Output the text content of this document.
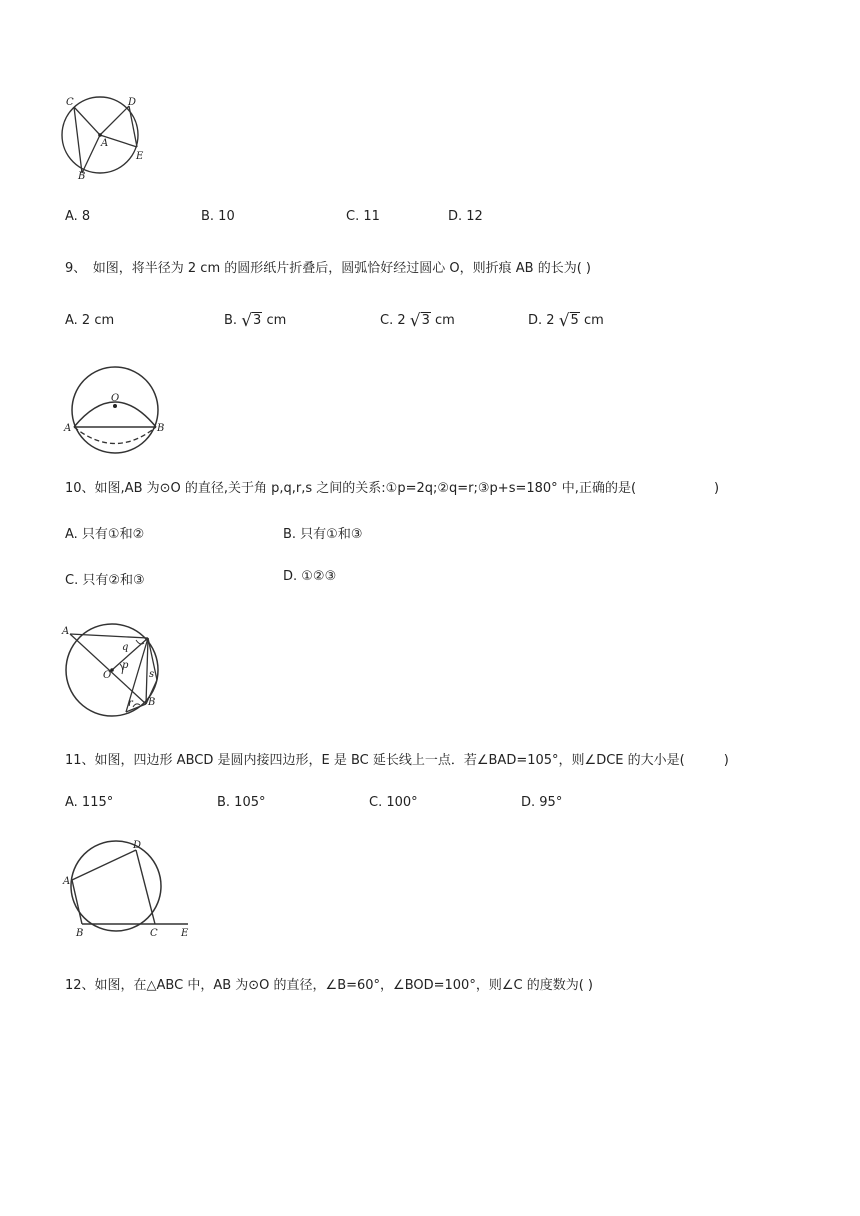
C	D
A
E
B
A. 8	B. 10	C. 11	D. 12
9、　如图，将半径为 2 cm 的圆形纸片折叠后，圆弧恰好经过圆心 O，则折痕 AB 的长为( )
A. 2 cm	B. √3 cm	C. 2 √3 cm	D. 2 √5 cm
O
A	B
10、如图,AB 为⊙O 的直径,关于角 p,q,r,s 之间的关系:①p=2q;②q=r;③p+s=180° 中,正确的是(　　　　　　)
A. 只有①和②	B. 只有①和③
C. 只有②和③	D. ①②③
A
q
p
O	s
r B
11、如图，四边形 ABCD 是圆内接四边形，E 是 BC 延长线上一点．若∠BAD=105°，则∠DCE 的大小是(　　　)
A. 115°	B. 105°	C. 100°	D. 95°
D
A
B	C E
12、如图，在△ABC 中，AB 为⊙O 的直径，∠B=60°，∠BOD=100°，则∠C 的度数为( )
